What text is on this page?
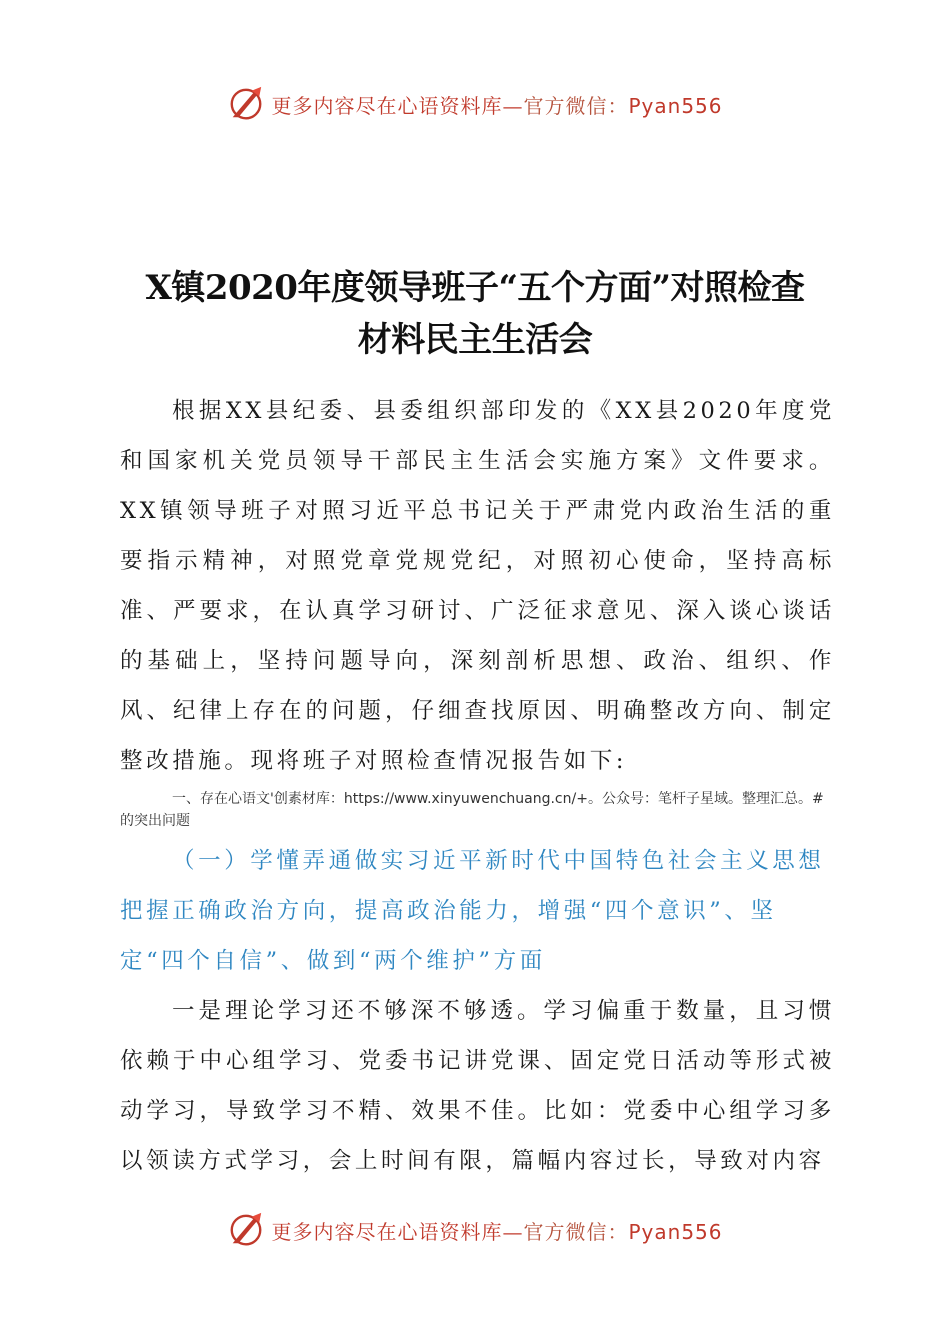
更多内容尽在心语资料库—官方微信：Pyan556
X镇2020年度领导班子“五个方面”对照检查
材料民主生活会
根据XX县纪委、县委组织部印发的《XX县2020年度党和国家机关党员领导干部民主生活会实施方案》文件要求。XX镇领导班子对照习近平总书记关于严肃党内政治生活的重要指示精神，对照党章党规党纪，对照初心使命，坚持高标准、严要求，在认真学习研讨、广泛征求意见、深入谈心谈话的基础上，坚持问题导向，深刻剖析思想、政治、组织、作风、纪律上存在的问题，仔细查找原因、明确整改方向、制定整改措施。现将班子对照检查情况报告如下:
一、存在心语文'创素材库：https://www.xinyuwenchuang.cn/+。公众号：笔杆子星域。整理汇总。#的突出问题
（一）学懂弄通做实习近平新时代中国特色社会主义思想把握正确政治方向，提高政治能力，增强“四个意识”、坚定“四个自信”、做到“两个维护”方面
一是理论学习还不够深不够透。学习偏重于数量，且习惯依赖于中心组学习、党委书记讲党课、固定党日活动等形式被动学习，导致学习不精、效果不佳。比如：党委中心组学习多以领读方式学习，会上时间有限，篇幅内容过长，导致对内容
更多内容尽在心语资料库—官方微信：Pyan556
